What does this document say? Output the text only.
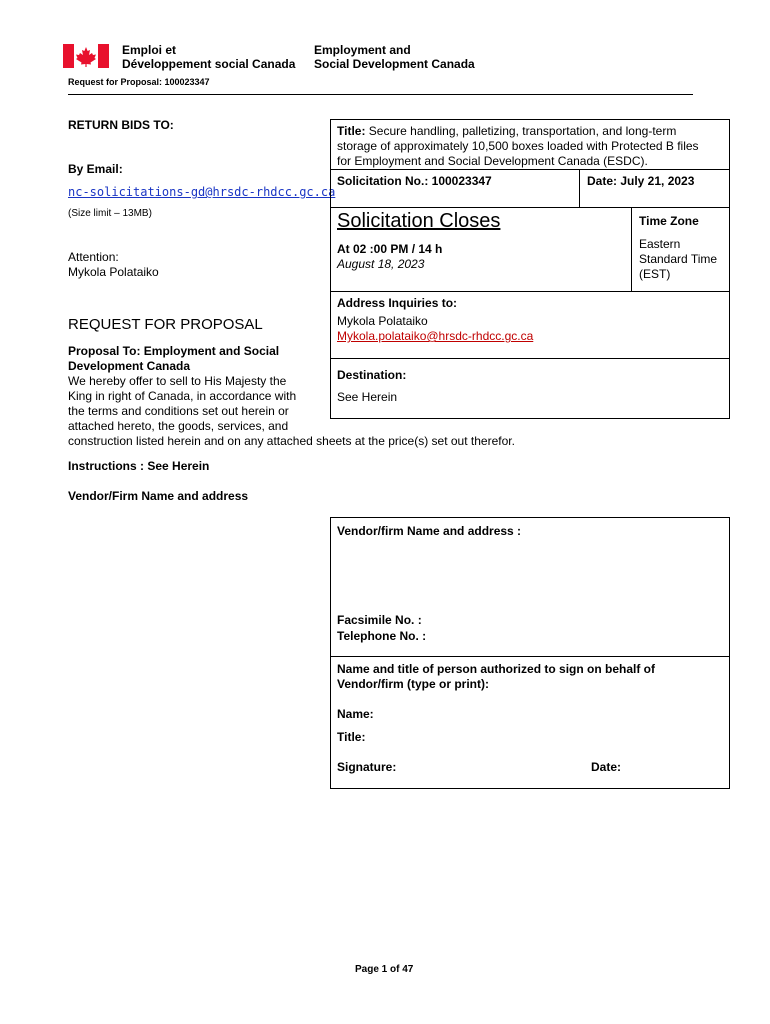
Emploi et
Développement social Canada
Employment and
Social Development Canada
Request for Proposal: 100023347
RETURN BIDS TO:
By Email:
nc-solicitations-gd@hrsdc-rhdcc.gc.ca
(Size limit – 13MB)
Attention:
Mykola Polataiko
REQUEST FOR PROPOSAL
Proposal To: Employment and Social
Development Canada
We hereby offer to sell to His Majesty the
King in right of Canada, in accordance with
the terms and conditions set out herein or
attached hereto, the goods, services, and
construction listed herein and on any attached sheets at the price(s) set out therefor.
Instructions : See Herein
Vendor/Firm Name and address
Title: Secure handling, palletizing, transportation, and long-term
storage of approximately 10,500 boxes loaded with Protected B files
for Employment and Social Development Canada (ESDC).
Solicitation No.: 100023347	Date: July 21, 2023
Solicitation Closes
At 02 :00 PM / 14 h
August 18, 2023
Time Zone
Eastern
Standard Time
(EST)
Address Inquiries to:
Mykola Polataiko
Mykola.polataiko@hrsdc-rhdcc.gc.ca
Destination:
See Herein
Vendor/firm Name and address :
Facsimile No. :
Telephone No. :
Name and title of person authorized to sign on behalf of
Vendor/firm (type or print):
Name:
Title:
Signature:	Date:
Page 1 of 47
